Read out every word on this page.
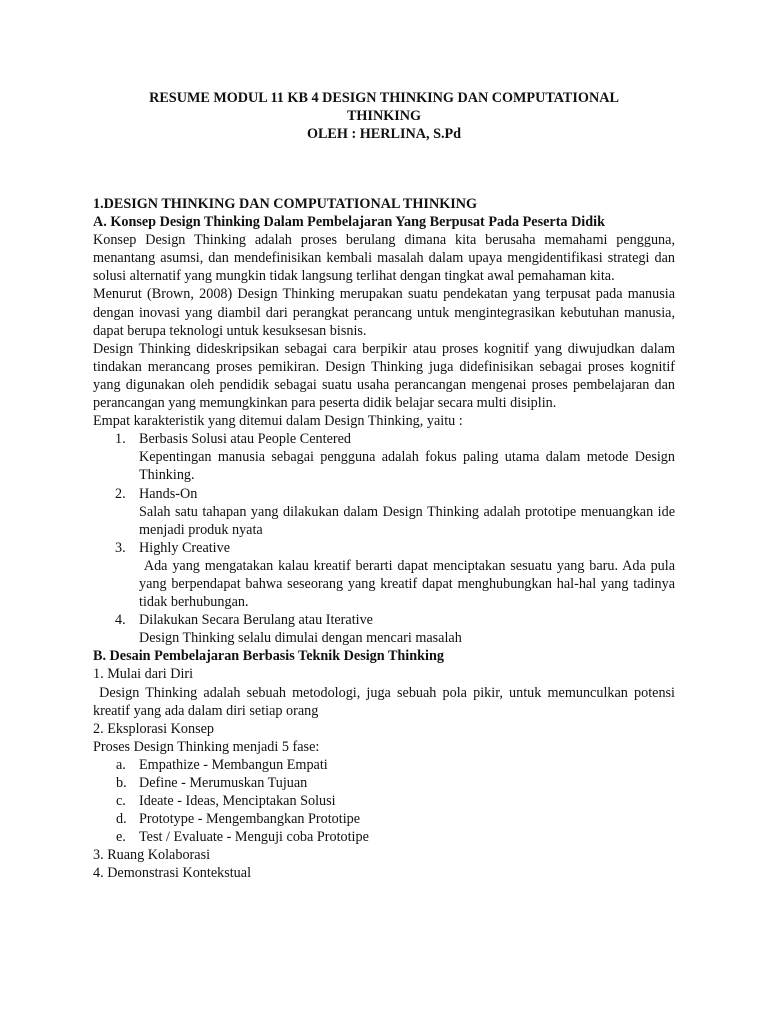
RESUME MODUL 11 KB 4 DESIGN THINKING DAN COMPUTATIONAL
THINKING
OLEH : HERLINA, S.Pd
1.DESIGN THINKING DAN COMPUTATIONAL THINKING
A. Konsep Design Thinking Dalam Pembelajaran Yang Berpusat Pada Peserta Didik
Konsep Design Thinking adalah proses berulang dimana kita berusaha memahami pengguna, menantang asumsi, dan mendefinisikan kembali masalah dalam upaya mengidentifikasi strategi dan solusi alternatif yang mungkin tidak langsung terlihat dengan tingkat awal pemahaman kita.
Menurut (Brown, 2008) Design Thinking merupakan suatu pendekatan yang terpusat pada manusia dengan inovasi yang diambil dari perangkat perancang untuk mengintegrasikan kebutuhan manusia, dapat berupa teknologi untuk kesuksesan bisnis.
Design Thinking dideskripsikan sebagai cara berpikir atau proses kognitif yang diwujudkan dalam tindakan merancang proses pemikiran. Design Thinking juga didefinisikan sebagai proses kognitif yang digunakan oleh pendidik sebagai suatu usaha perancangan mengenai proses pembelajaran dan perancangan yang memungkinkan para peserta didik belajar secara multi disiplin.
Empat karakteristik yang ditemui dalam Design Thinking, yaitu :
1. Berbasis Solusi atau People Centered
Kepentingan manusia sebagai pengguna adalah fokus paling utama dalam metode Design Thinking.
2. Hands-On
Salah satu tahapan yang dilakukan dalam Design Thinking adalah prototipe menuangkan ide menjadi produk nyata
3. Highly Creative
Ada yang mengatakan kalau kreatif berarti dapat menciptakan sesuatu yang baru. Ada pula yang berpendapat bahwa seseorang yang kreatif dapat menghubungkan hal-hal yang tadinya tidak berhubungan.
4. Dilakukan Secara Berulang atau Iterative
Design Thinking selalu dimulai dengan mencari masalah
B. Desain Pembelajaran Berbasis Teknik Design Thinking
1. Mulai dari Diri
Design Thinking adalah sebuah metodologi, juga sebuah pola pikir, untuk memunculkan potensi kreatif yang ada dalam diri setiap orang
2. Eksplorasi Konsep
Proses Design Thinking menjadi 5 fase:
a. Empathize - Membangun Empati
b. Define - Merumuskan Tujuan
c. Ideate - Ideas, Menciptakan Solusi
d. Prototype - Mengembangkan Prototipe
e. Test / Evaluate - Menguji coba Prototipe
3. Ruang Kolaborasi
4. Demonstrasi Kontekstual
